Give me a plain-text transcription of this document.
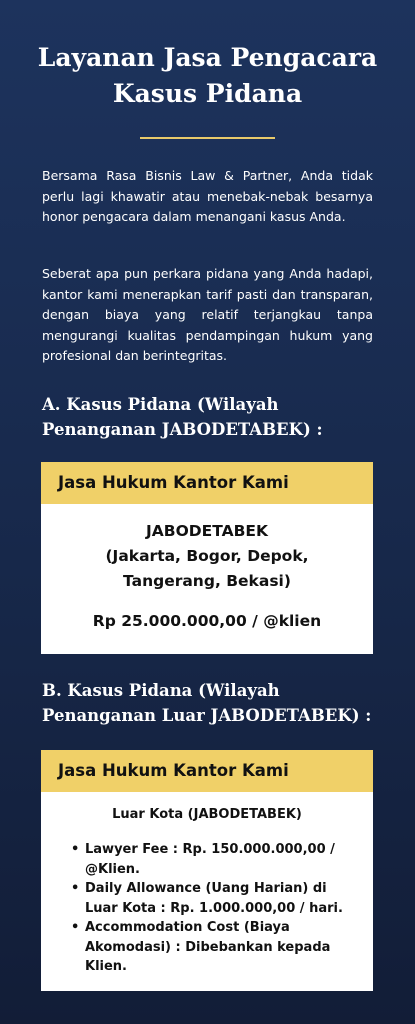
Layanan Jasa Pengacara
Kasus Pidana

Bersama Rasa Bisnis Law & Partner, Anda tidak perlu lagi khawatir atau menebak-nebak besarnya honor pengacara dalam menangani kasus Anda.

Seberat apa pun perkara pidana yang Anda hadapi, kantor kami menerapkan tarif pasti dan transparan, dengan biaya yang relatif terjangkau tanpa mengurangi kualitas pendampingan hukum yang profesional dan berintegritas.

A. Kasus Pidana (Wilayah Penanganan JABODETABEK) :
Jasa Hukum Kantor Kami
JABODETABEK
(Jakarta, Bogor, Depok,
Tangerang, Bekasi)
Rp 25.000.000,00 / @klien
B. Kasus Pidana (Wilayah Penanganan Luar JABODETABEK) :
Jasa Hukum Kantor Kami
Luar Kota (JABODETABEK)
• Lawyer Fee : Rp. 150.000.000,00 / @Klien.
• Daily Allowance (Uang Harian) di Luar Kota : Rp. 1.000.000,00 / hari.
• Accommodation Cost (Biaya Akomodasi) : Dibebankan kepada Klien.
